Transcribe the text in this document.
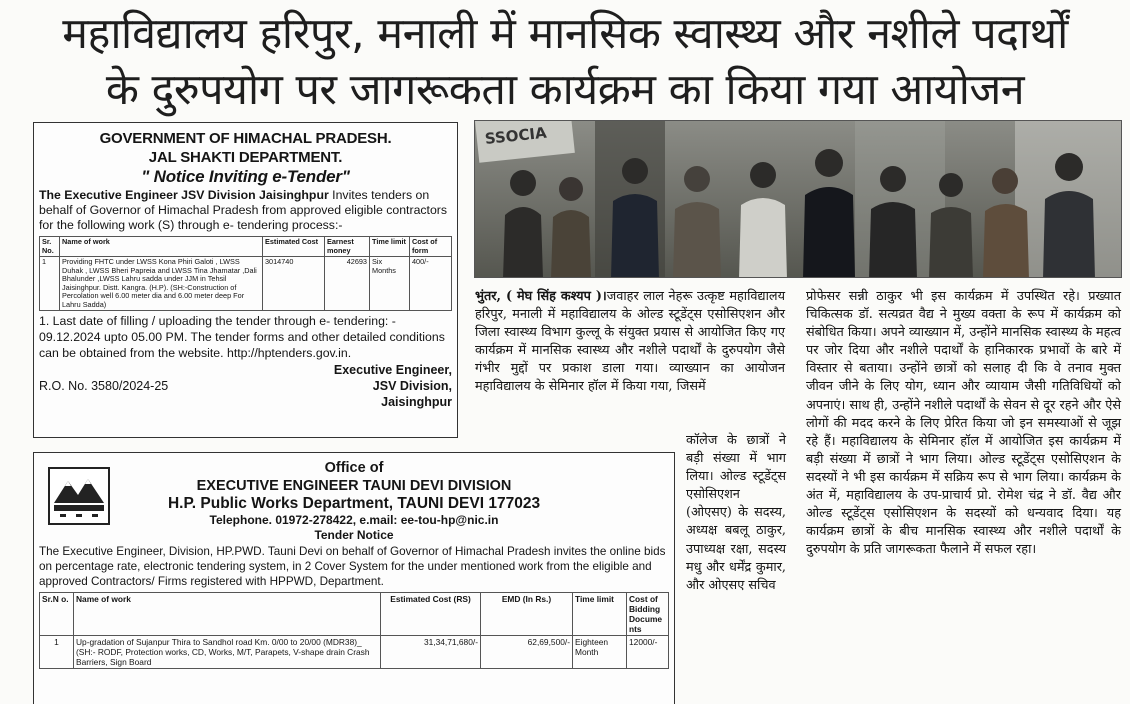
महाविद्यालय हरिपुर, मनाली में मानसिक स्वास्थ्य और नशीले पदार्थों
के दुरुपयोग पर जागरूकता कार्यक्रम का किया गया आयोजन
GOVERNMENT OF HIMACHAL PRADESH.
JAL SHAKTI DEPARTMENT.
" Notice Inviting e-Tender"

The Executive Engineer JSV Division Jaisinghpur Invites tenders on behalf of Governor of Himachal Pradesh from approved eligible contractors for the following work (S) through e- tendering process:-

Sr. No.	Name of work	Estimated Cost	Earnest money	Time limit	Cost of form
1	Providing FHTC under LWSS Kona Phiri Galoti , LWSS Duhak , LWSS Bheri Papreia and LWSS Tina Jhamatar ,Dali Bhalunder ,LWSS Lahru sadda under JJM in Tehsil Jaisinghpur. Distt. Kangra. (H.P). (SH:-Construction of Percolation well 6.00 meter dia and 6.00 meter deep For Lahru Sadda)	3014740	42693	Six Months	400/-

1. Last date of filling / uploading the tender through e- tendering: - 09.12.2024 upto 05.00 PM. The tender forms and other detailed conditions can be obtained from the website. http://hptenders.gov.in.

R.O. No. 3580/2024-25
Executive Engineer,
JSV Division,
Jaisinghpur
Office of
EXECUTIVE ENGINEER TAUNI DEVI DIVISION
H.P. Public Works Department, TAUNI DEVI 177023
Telephone. 01972-278422, e.mail: ee-tou-hp@nic.in
Tender Notice

The Executive Engineer, Division, HP.PWD. Tauni Devi on behalf of Governor of Himachal Pradesh invites the online bids on percentage rate, electronic tendering system, in 2 Cover System for the under mentioned work from the eligible and approved Contractors/ Firms registered with HPPWD, Department.

Sr.N o.	Name of work	Estimated Cost (RS)	EMD (In Rs.)	Time limit	Cost of Bidding Docume nts
1	Up-gradation of Sujanpur Thira to Sandhol road Km. 0/00 to 20/00 (MDR38)_ (SH:- RODF, Protection works, CD, Works, M/T, Parapets, V-shape drain Crash Barriers, Sign Board	31,34,71,680/-	62,69,500/-	Eighteen Month	12000/-
SSOCIA
भुंतर, ( मेघ सिंह कश्यप )।जवाहर लाल नेहरू उत्कृष्ट महाविद्यालय हरिपुर, मनाली में महाविद्यालय के ओल्ड स्टूडेंट्स एसोसिएशन और जिला स्वास्थ्य विभाग कुल्लू के संयुक्त प्रयास से आयोजित किए गए कार्यक्रम में मानसिक स्वास्थ्य और नशीले पदार्थों के दुरुपयोग जैसे गंभीर मुद्दों पर प्रकाश डाला गया। व्याख्यान का आयोजन महाविद्यालय के सेमिनार हॉल में किया गया, जिसमें
कॉलेज के छात्रों ने बड़ी संख्या में भाग लिया। ओल्ड स्टूडेंट्स एसोसिएशन (ओएसए) के सदस्य, अध्यक्ष बबलू ठाकुर, उपाध्यक्ष रक्षा, सदस्य मधु और धर्मेंद्र कुमार, और ओएसए सचिव
प्रोफेसर सन्नी ठाकुर भी इस कार्यक्रम में उपस्थित रहे। प्रख्यात चिकित्सक डॉ. सत्यव्रत वैद्य ने मुख्य वक्ता के रूप में कार्यक्रम को संबोधित किया। अपने व्याख्यान में, उन्होंने मानसिक स्वास्थ्य के महत्व पर जोर दिया और नशीले पदार्थों के हानिकारक प्रभावों के बारे में विस्तार से बताया। उन्होंने छात्रों को सलाह दी कि वे तनाव मुक्त जीवन जीने के लिए योग, ध्यान और व्यायाम जैसी गतिविधियों को अपनाएं। साथ ही, उन्होंने नशीले पदार्थों के सेवन से दूर रहने और ऐसे लोगों की मदद करने के लिए प्रेरित किया जो इन समस्याओं से जूझ रहे हैं। महाविद्यालय के सेमिनार हॉल में आयोजित इस कार्यक्रम में बड़ी संख्या में छात्रों ने भाग लिया। ओल्ड स्टूडेंट्स एसोसिएशन के सदस्यों ने भी इस कार्यक्रम में सक्रिय रूप से भाग लिया। कार्यक्रम के अंत में, महाविद्यालय के उप-प्राचार्य प्रो. रोमेश चंद्र ने डॉ. वैद्य और ओल्ड स्टूडेंट्स एसोसिएशन के सदस्यों को धन्यवाद दिया। यह कार्यक्रम छात्रों के बीच मानसिक स्वास्थ्य और नशीले पदार्थों के दुरुपयोग के प्रति जागरूकता फैलाने में सफल रहा।
